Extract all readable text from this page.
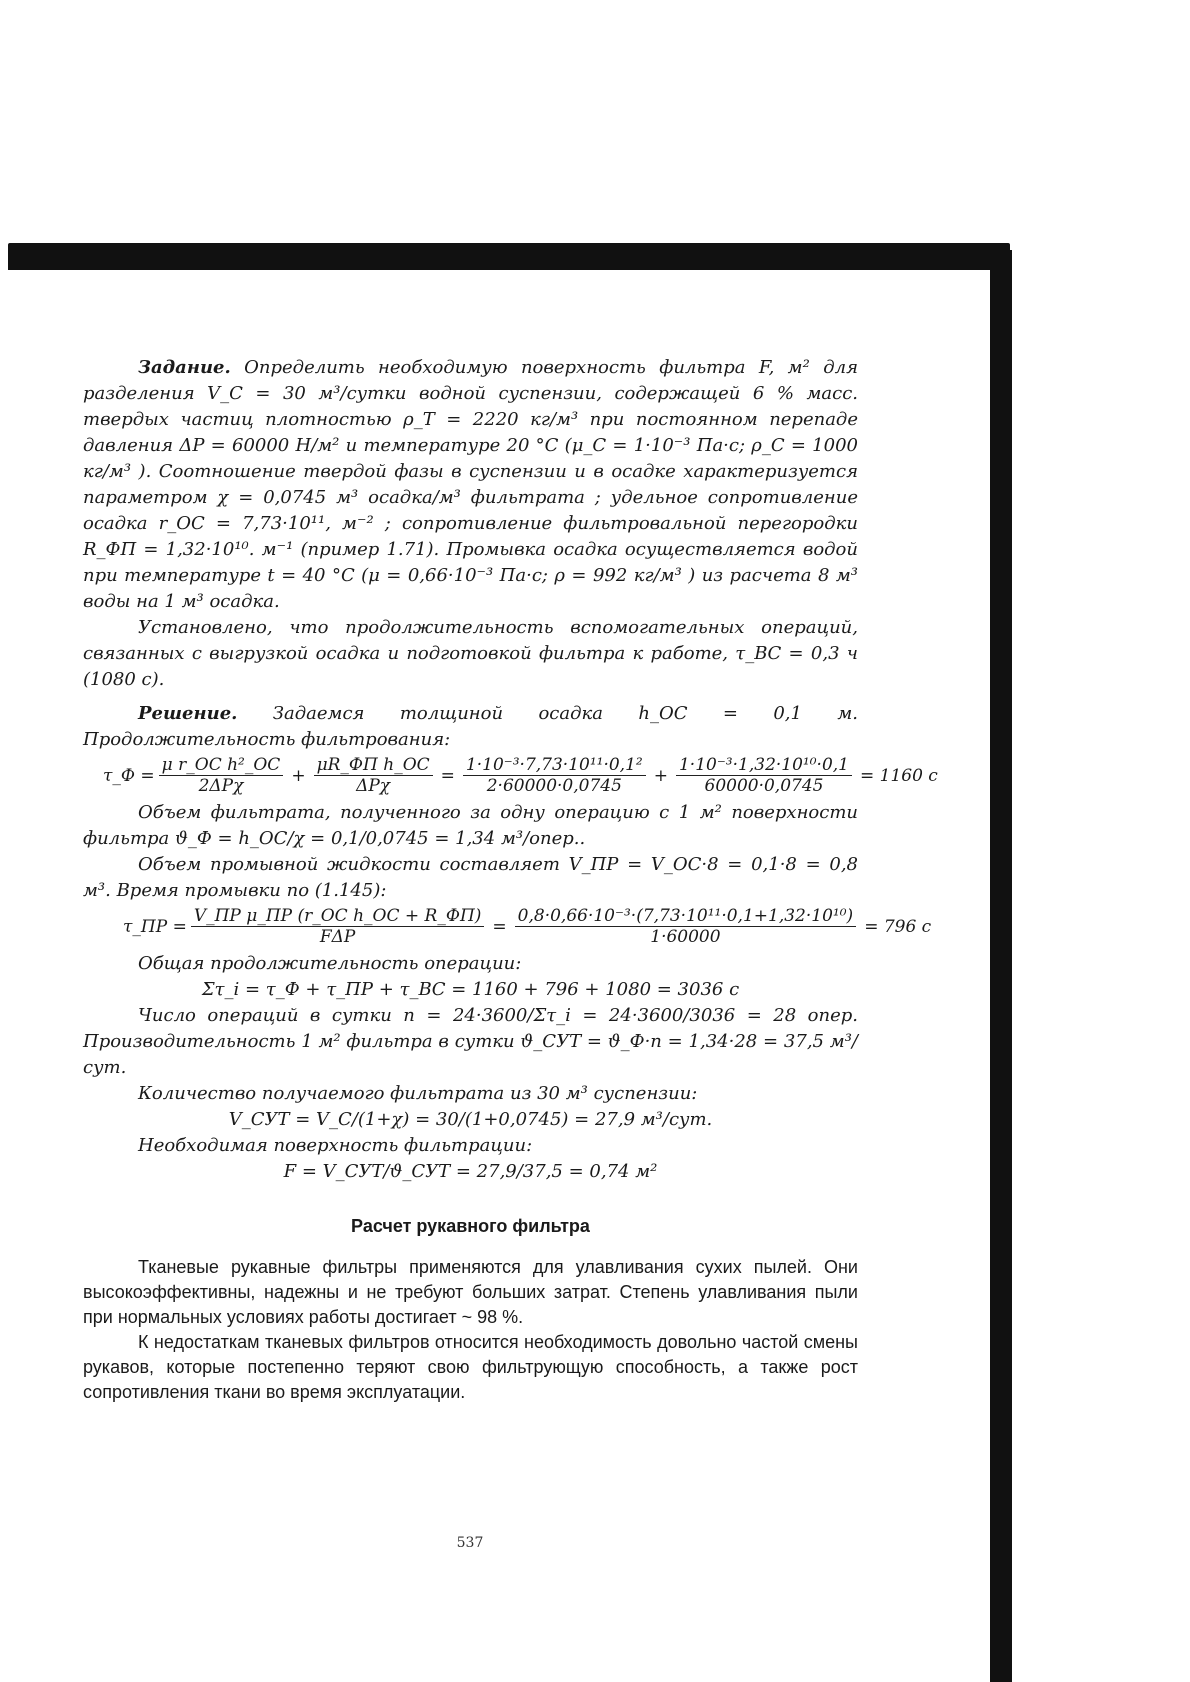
Задание. Определить необходимую поверхность фильтра F, м² для разделения V_C = 30 м³/сутки водной суспензии, содержащей 6 % масс. твердых частиц плотностью ρ_T = 2220 кг/м³ при постоянном перепаде давления ΔP = 60000 Н/м² и температуре 20 °C (μ_C = 1·10⁻³ Па·с; ρ_C = 1000 кг/м³ ). Соотношение твердой фазы в суспензии и в осадке характеризуется параметром χ = 0,0745 м³ осадка/м³ фильтрата ; удельное сопротивление осадка r_OC = 7,73·10¹¹, м⁻² ; сопротивление фильтровальной перегородки R_ФП = 1,32·10¹⁰. м⁻¹ (пример 1.71). Промывка осадка осуществляется водой при температуре t = 40 °C (μ = 0,66·10⁻³ Па·с; ρ = 992 кг/м³ ) из расчета 8 м³ воды на 1 м³ осадка.

Установлено, что продолжительность вспомогательных операций, связанных с выгрузкой осадка и подготовкой фильтра к работе, τ_ВС = 0,3 ч (1080 с).

Решение. Задаемся толщиной осадка h_OC = 0,1 м. Продолжительность фильтрования:

τ_Ф = $\frac{\text{μ r\_OC h²\_OC}}{\text{2ΔPχ}} + \frac{\text{μR\_ФП h\_OC}}{\text{ΔPχ}} = \frac{\text{1·10⁻³·7,73·10¹¹·0,1²}}{2\cdot 60000\cdot 0,0745} + \frac{\text{1·10⁻³·1,32·10¹⁰·0,1}}{60000\cdot 0,0745} = 1160$ с

Объем фильтрата, полученного за одну операцию с 1 м² поверхности фильтра ϑ_Ф = h_OC/χ = 0,1/0,0745 = 1,34 м³/опер..

Объем промывной жидкости составляет V_ПР = V_OC·8 = 0,1·8 = 0,8 м³. Время промывки по (1.145):

τ_ПР = $\frac{\text{V\_ПР μ\_ПР (r\_OC h\_OC + R\_ФП)}}{\text{FΔP}} = \frac{\text{0,8·0,66·10⁻³·(7,73·10¹¹·0,1+1,32·10¹⁰)}}{1\cdot 60000} = 796$ с

Общая продолжительность операции:

Στ_i = τ_Ф + τ_ПР + τ_ВС = 1160 + 796 + 1080 = 3036 с

Число операций в сутки n = 24·3600/Στ_i = 24·3600/3036 = 28 опер. Производительность 1 м² фильтра в сутки ϑ_СУТ = ϑ_Ф·n = 1,34·28 = 37,5 м³/сут.

Количество получаемого фильтрата из 30 м³ суспензии:

V_СУТ = V_C/(1+χ) = 30/(1+0,0745) = 27,9 м³/сут.

Необходимая поверхность фильтрации:

F = V_СУТ/ϑ_СУТ = 27,9/37,5 = 0,74 м²

Расчет рукавного фильтра

Тканевые рукавные фильтры применяются для улавливания сухих пылей. Они высокоэффективны, надежны и не требуют больших затрат. Степень улавливания пыли при нормальных условиях работы достигает ~ 98 %.

К недостаткам тканевых фильтров относится необходимость довольно частой смены рукавов, которые постепенно теряют свою фильтрующую способность, а также рост сопротивления ткани во время эксплуатации.

537
